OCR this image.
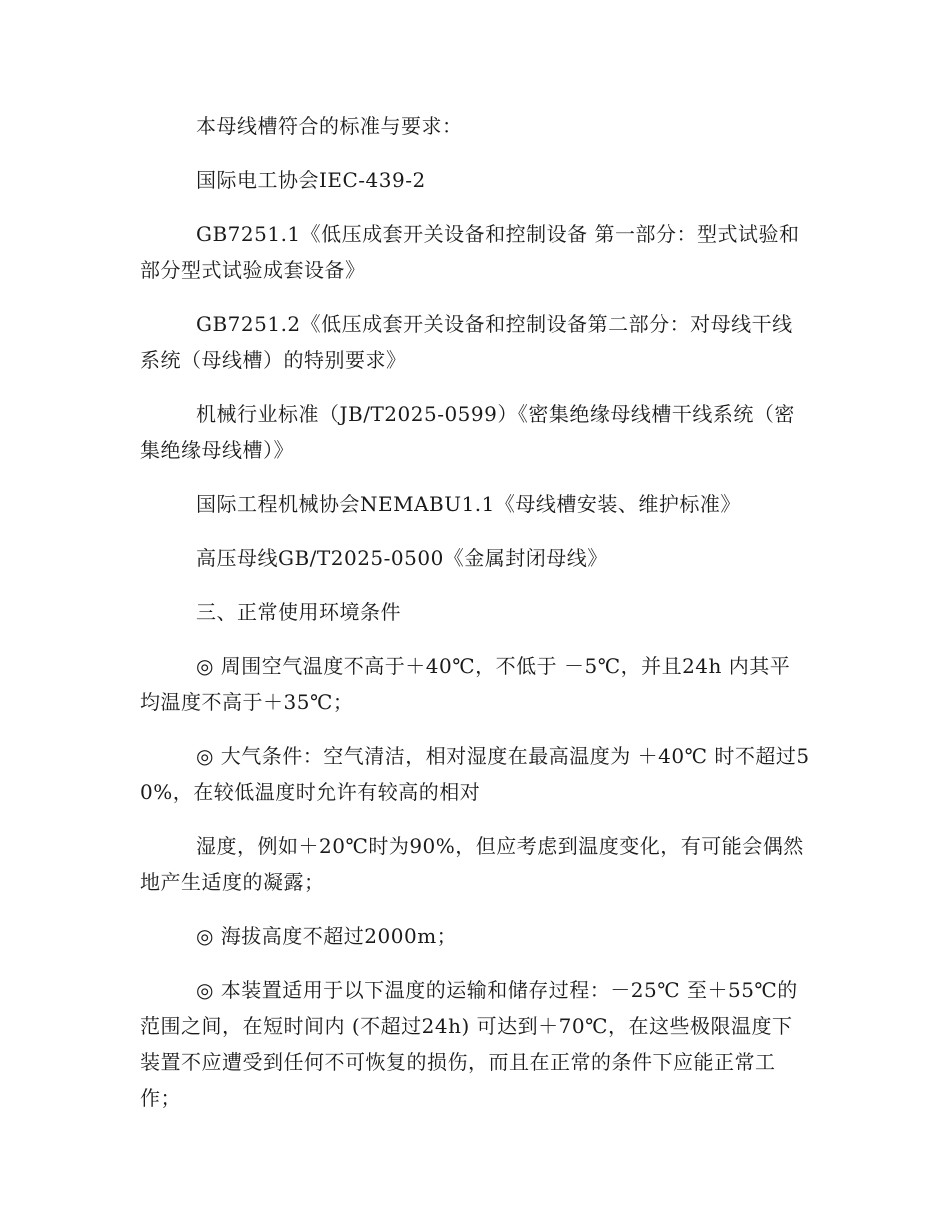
本母线槽符合的标准与要求：

国际电工协会IEC-439-2

GB7251.1《低压成套开关设备和控制设备 第一部分：型式试验和部分型式试验成套设备》

GB7251.2《低压成套开关设备和控制设备第二部分：对母线干线系统（母线槽）的特别要求》

机械行业标准（JB/T2025-0599）《密集绝缘母线槽干线系统（密集绝缘母线槽）》

国际工程机械协会NEMABU1.1《母线槽安装、维护标准》

高压母线GB/T2025-0500《金属封闭母线》

三、正常使用环境条件

◎ 周围空气温度不高于＋40℃，不低于 －5℃，并且24h 内其平均温度不高于＋35℃；

◎ 大气条件：空气清洁，相对湿度在最高温度为 ＋40℃ 时不超过50%，在较低温度时允许有较高的相对

湿度，例如＋20℃时为90%，但应考虑到温度变化，有可能会偶然地产生适度的凝露；

◎ 海拔高度不超过2000m；

◎ 本装置适用于以下温度的运输和储存过程：－25℃ 至＋55℃的范围之间，在短时间内 (不超过24h) 可达到＋70℃，在这些极限温度下装置不应遭受到任何不可恢复的损伤，而且在正常的条件下应能正常工作；
